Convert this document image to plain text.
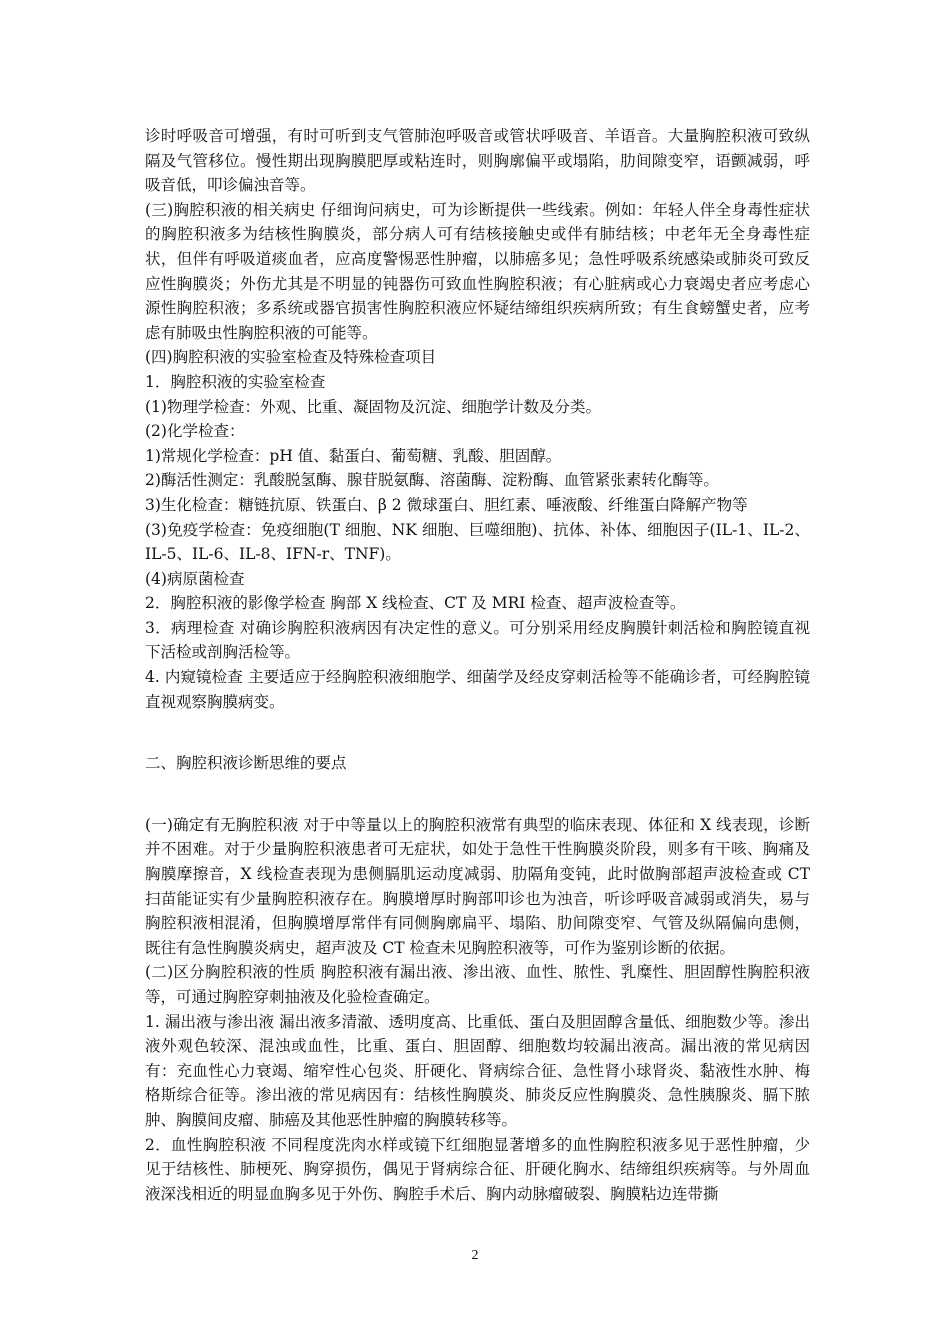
诊时呼吸音可增强，有时可听到支气管肺泡呼吸音或管状呼吸音、羊语音。大量胸腔积液可致纵隔及气管移位。慢性期出现胸膜肥厚或粘连时，则胸廓偏平或塌陷，肋间隙变窄，语颤减弱，呼吸音低，叩诊偏浊音等。

(三)胸腔积液的相关病史 仔细询问病史，可为诊断提供一些线索。例如：年轻人伴全身毒性症状的胸腔积液多为结核性胸膜炎，部分病人可有结核接触史或伴有肺结核；中老年无全身毒性症状，但伴有呼吸道痰血者，应高度警惕恶性肿瘤，以肺癌多见；急性呼吸系统感染或肺炎可致反应性胸膜炎；外伤尤其是不明显的钝器伤可致血性胸腔积液；有心脏病或心力衰竭史者应考虑心源性胸腔积液；多系统或器官损害性胸腔积液应怀疑结缔组织疾病所致；有生食螃蟹史者，应考虑有肺吸虫性胸腔积液的可能等。

(四)胸腔积液的实验室检查及特殊检查项目

1．胸腔积液的实验室检查

(1)物理学检查：外观、比重、凝固物及沉淀、细胞学计数及分类。

(2)化学检查：

1)常规化学检查：pH 值、黏蛋白、葡萄糖、乳酸、胆固醇。

2)酶活性测定：乳酸脱氢酶、腺苷脱氨酶、溶菌酶、淀粉酶、血管紧张素转化酶等。

3)生化检查：糖链抗原、铁蛋白、β 2 微球蛋白、胆红素、唾液酸、纤维蛋白降解产物等

(3)免疫学检查：免疫细胞(T 细胞、NK 细胞、巨噬细胞)、抗体、补体、细胞因子(IL-1、IL-2、IL-5、IL-6、IL-8、IFN-r、TNF)。

(4)病原菌检查

2．胸腔积液的影像学检查 胸部 X 线检查、CT 及 MRI 检查、超声波检查等。

3．病理检查 对确诊胸腔积液病因有决定性的意义。可分别采用经皮胸膜针刺活检和胸腔镜直视下活检或剖胸活检等。

4. 内窥镜检查 主要适应于经胸腔积液细胞学、细菌学及经皮穿刺活检等不能确诊者，可经胸腔镜直视观察胸膜病变。

二、胸腔积液诊断思维的要点

(一)确定有无胸腔积液 对于中等量以上的胸腔积液常有典型的临床表现、体征和 X 线表现，诊断并不困难。对于少量胸腔积液患者可无症状，如处于急性干性胸膜炎阶段，则多有干咳、胸痛及胸膜摩擦音，X 线检查表现为患侧膈肌运动度减弱、肋隔角变钝，此时做胸部超声波检查或 CT 扫苗能证实有少量胸腔积液存在。胸膜增厚时胸部叩诊也为浊音，听诊呼吸音减弱或消失，易与胸腔积液相混淆，但胸膜增厚常伴有同侧胸廓扁平、塌陷、肋间隙变窄、气管及纵隔偏向患侧，既往有急性胸膜炎病史，超声波及 CT 检查未见胸腔积液等，可作为鉴别诊断的依据。

(二)区分胸腔积液的性质 胸腔积液有漏出液、渗出液、血性、脓性、乳糜性、胆固醇性胸腔积液等，可通过胸腔穿刺抽液及化验检查确定。

1. 漏出液与渗出液 漏出液多清澈、透明度高、比重低、蛋白及胆固醇含量低、细胞数少等。渗出液外观色较深、混浊或血性，比重、蛋白、胆固醇、细胞数均较漏出液高。漏出液的常见病因有：充血性心力衰竭、缩窄性心包炎、肝硬化、肾病综合征、急性肾小球肾炎、黏液性水肿、梅格斯综合征等。渗出液的常见病因有：结核性胸膜炎、肺炎反应性胸膜炎、急性胰腺炎、膈下脓肿、胸膜间皮瘤、肺癌及其他恶性肿瘤的胸膜转移等。

2．血性胸腔积液 不同程度洗肉水样或镜下红细胞显著增多的血性胸腔积液多见于恶性肿瘤，少见于结核性、肺梗死、胸穿损伤，偶见于肾病综合征、肝硬化胸水、结缔组织疾病等。与外周血液深浅相近的明显血胸多见于外伤、胸腔手术后、胸内动脉瘤破裂、胸膜粘边连带撕

2
